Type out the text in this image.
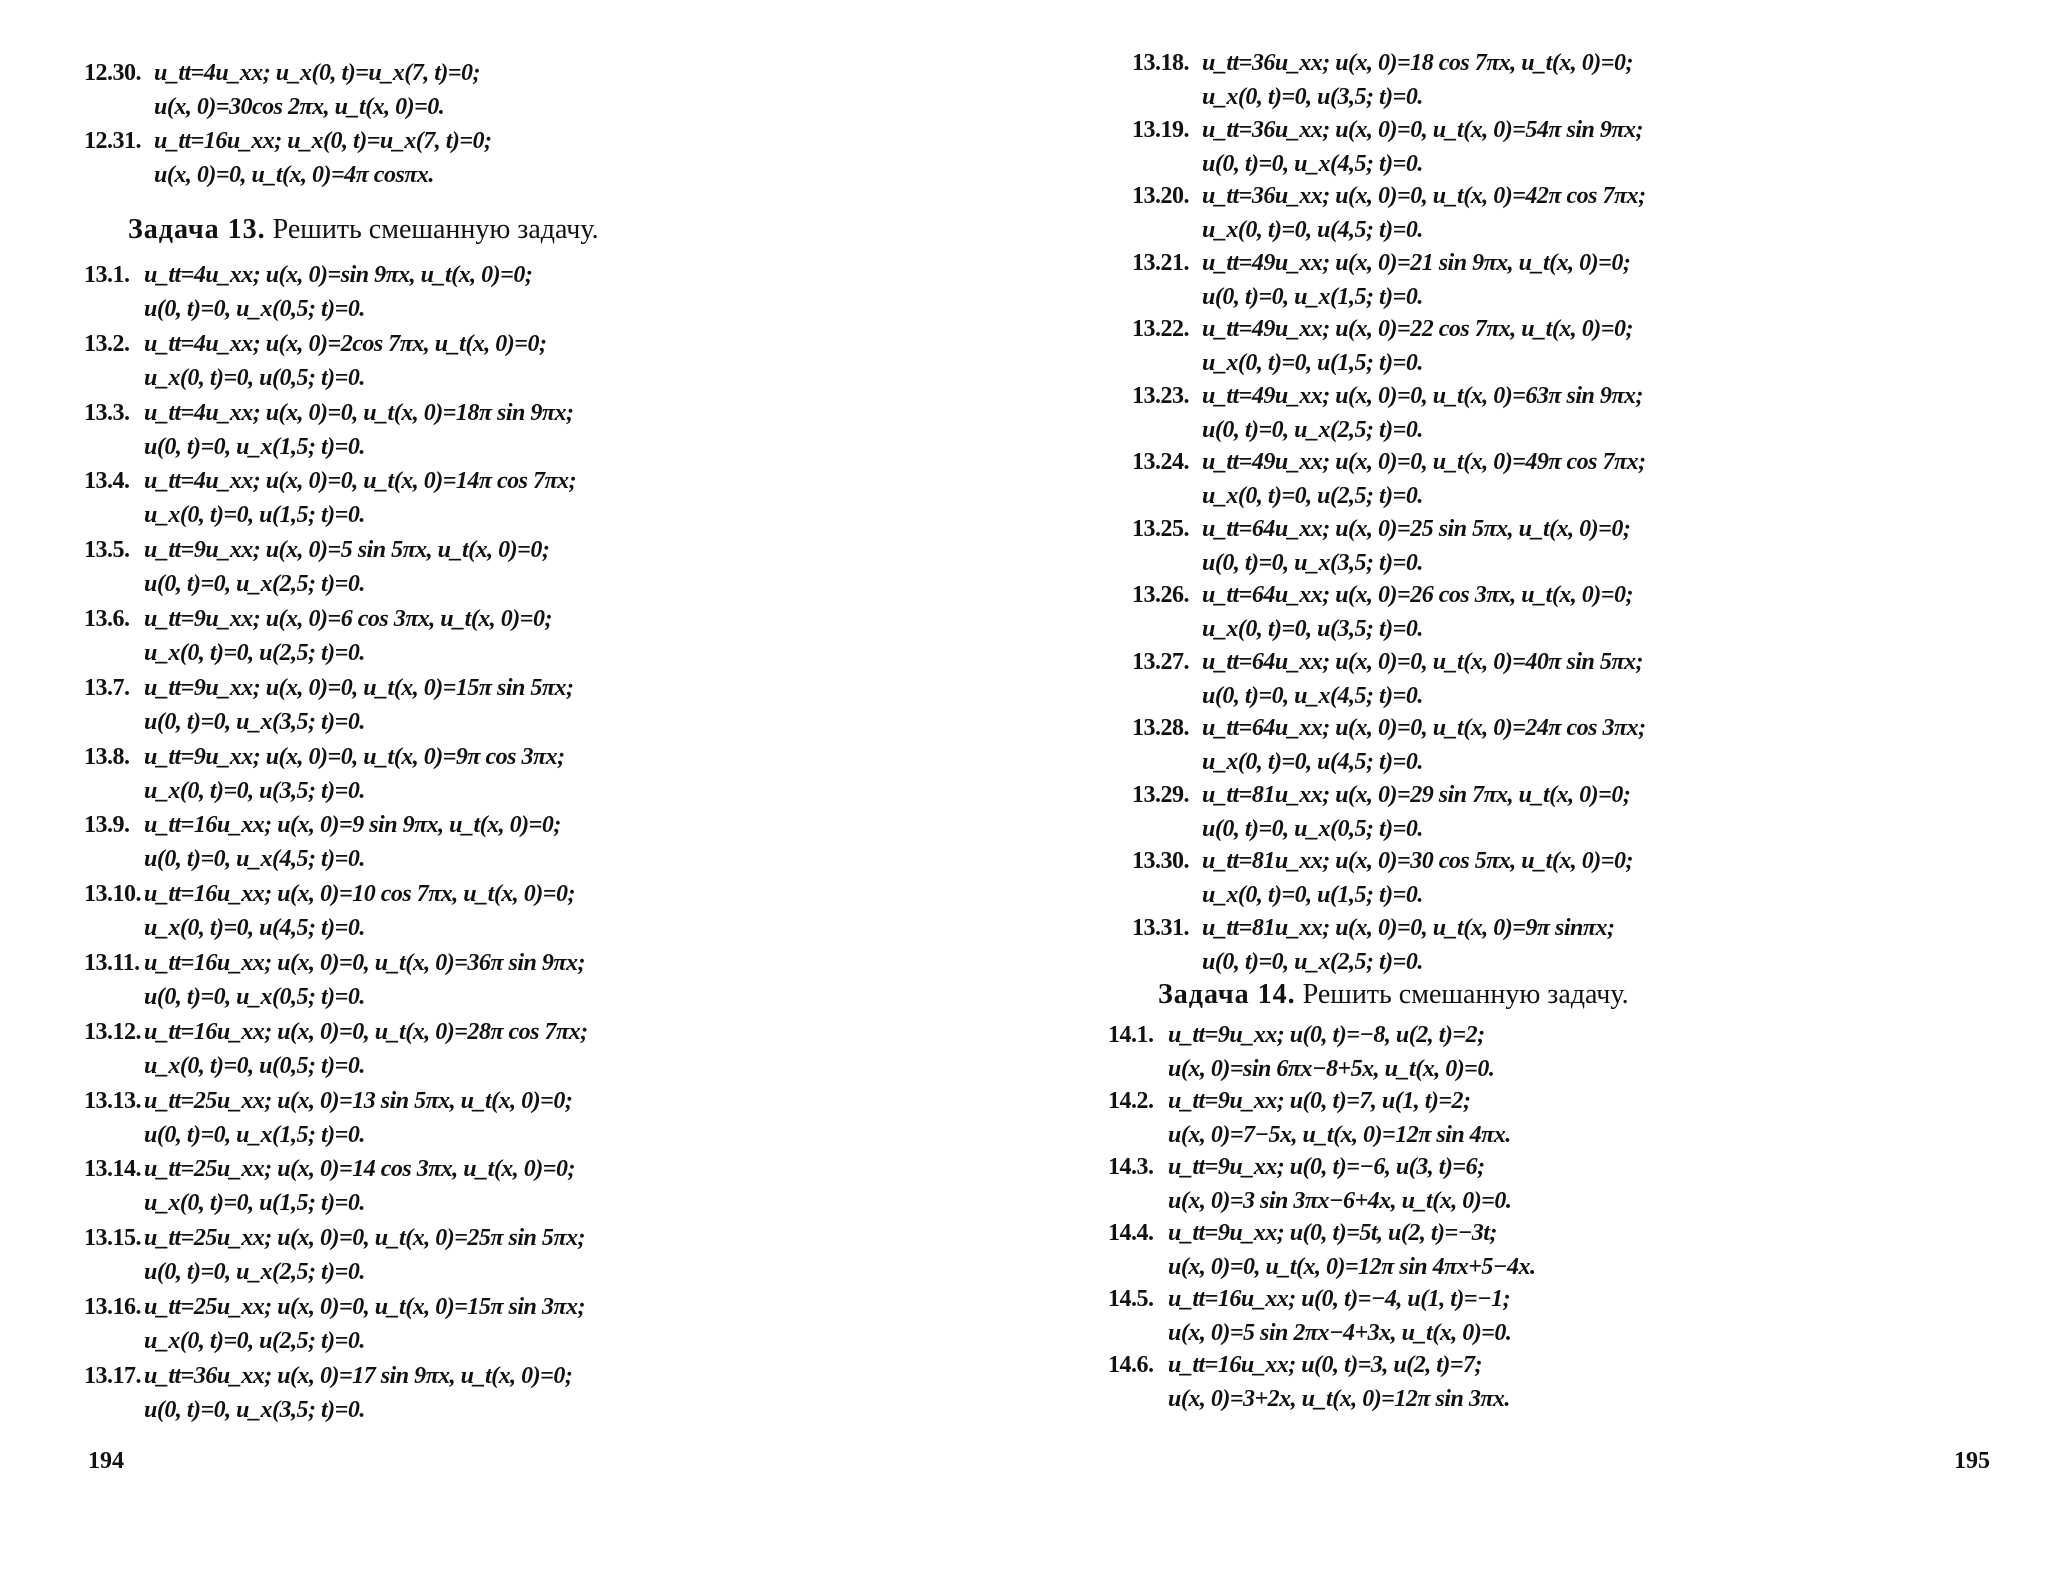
12.30. u_tt=4u_xx; u_x(0, t)=u_x(7, t)=0;
u(x, 0)=30cos 2πx, u_t(x, 0)=0.
12.31. u_tt=16u_xx; u_x(0, t)=u_x(7, t)=0;
u(x, 0)=0, u_t(x, 0)=4π cosπx.
Задача 13. Решить смешанную задачу.
13.1. u_tt=4u_xx; u(x, 0)=sin 9πx, u_t(x, 0)=0;
u(0, t)=0, u_x(0,5; t)=0.
13.2. u_tt=4u_xx; u(x, 0)=2cos 7πx, u_t(x, 0)=0;
u_x(0, t)=0, u(0,5; t)=0.
13.3. u_tt=4u_xx; u(x, 0)=0, u_t(x, 0)=18π sin 9πx;
u(0, t)=0, u_x(1,5; t)=0.
13.4. u_tt=4u_xx; u(x, 0)=0, u_t(x, 0)=14π cos 7πx;
u_x(0, t)=0, u(1,5; t)=0.
13.5. u_tt=9u_xx; u(x, 0)=5 sin 5πx, u_t(x, 0)=0;
u(0, t)=0, u_x(2,5; t)=0.
13.6. u_tt=9u_xx; u(x, 0)=6 cos 3πx, u_t(x, 0)=0;
u_x(0, t)=0, u(2,5; t)=0.
13.7. u_tt=9u_xx; u(x, 0)=0, u_t(x, 0)=15π sin 5πx;
u(0, t)=0, u_x(3,5; t)=0.
13.8. u_tt=9u_xx; u(x, 0)=0, u_t(x, 0)=9π cos 3πx;
u_x(0, t)=0, u(3,5; t)=0.
13.9. u_tt=16u_xx; u(x, 0)=9 sin 9πx, u_t(x, 0)=0;
u(0, t)=0, u_x(4,5; t)=0.
13.10. u_tt=16u_xx; u(x, 0)=10 cos 7πx, u_t(x, 0)=0;
u_x(0, t)=0, u(4,5; t)=0.
13.11. u_tt=16u_xx; u(x, 0)=0, u_t(x, 0)=36π sin 9πx;
u(0, t)=0, u_x(0,5; t)=0.
13.12. u_tt=16u_xx; u(x, 0)=0, u_t(x, 0)=28π cos 7πx;
u_x(0, t)=0, u(0,5; t)=0.
13.13. u_tt=25u_xx; u(x, 0)=13 sin 5πx, u_t(x, 0)=0;
u(0, t)=0, u_x(1,5; t)=0.
13.14. u_tt=25u_xx; u(x, 0)=14 cos 3πx, u_t(x, 0)=0;
u_x(0, t)=0, u(1,5; t)=0.
13.15. u_tt=25u_xx; u(x, 0)=0, u_t(x, 0)=25π sin 5πx;
u(0, t)=0, u_x(2,5; t)=0.
13.16. u_tt=25u_xx; u(x, 0)=0, u_t(x, 0)=15π sin 3πx;
u_x(0, t)=0, u(2,5; t)=0.
13.17. u_tt=36u_xx; u(x, 0)=17 sin 9πx, u_t(x, 0)=0;
u(0, t)=0, u_x(3,5; t)=0.
194
13.18. u_tt=36u_xx; u(x, 0)=18 cos 7πx, u_t(x, 0)=0;
u_x(0, t)=0, u(3,5; t)=0.
13.19. u_tt=36u_xx; u(x, 0)=0, u_t(x, 0)=54π sin 9πx;
u(0, t)=0, u_x(4,5; t)=0.
13.20. u_tt=36u_xx; u(x, 0)=0, u_t(x, 0)=42π cos 7πx;
u_x(0, t)=0, u(4,5; t)=0.
13.21. u_tt=49u_xx; u(x, 0)=21 sin 9πx, u_t(x, 0)=0;
u(0, t)=0, u_x(1,5; t)=0.
13.22. u_tt=49u_xx; u(x, 0)=22 cos 7πx, u_t(x, 0)=0;
u_x(0, t)=0, u(1,5; t)=0.
13.23. u_tt=49u_xx; u(x, 0)=0, u_t(x, 0)=63π sin 9πx;
u(0, t)=0, u_x(2,5; t)=0.
13.24. u_tt=49u_xx; u(x, 0)=0, u_t(x, 0)=49π cos 7πx;
u_x(0, t)=0, u(2,5; t)=0.
13.25. u_tt=64u_xx; u(x, 0)=25 sin 5πx, u_t(x, 0)=0;
u(0, t)=0, u_x(3,5; t)=0.
13.26. u_tt=64u_xx; u(x, 0)=26 cos 3πx, u_t(x, 0)=0;
u_x(0, t)=0, u(3,5; t)=0.
13.27. u_tt=64u_xx; u(x, 0)=0, u_t(x, 0)=40π sin 5πx;
u(0, t)=0, u_x(4,5; t)=0.
13.28. u_tt=64u_xx; u(x, 0)=0, u_t(x, 0)=24π cos 3πx;
u_x(0, t)=0, u(4,5; t)=0.
13.29. u_tt=81u_xx; u(x, 0)=29 sin 7πx, u_t(x, 0)=0;
u(0, t)=0, u_x(0,5; t)=0.
13.30. u_tt=81u_xx; u(x, 0)=30 cos 5πx, u_t(x, 0)=0;
u_x(0, t)=0, u(1,5; t)=0.
13.31. u_tt=81u_xx; u(x, 0)=0, u_t(x, 0)=9π sinπx;
u(0, t)=0, u_x(2,5; t)=0.
Задача 14. Решить смешанную задачу.
14.1. u_tt=9u_xx; u(0, t)=−8, u(2, t)=2;
u(x, 0)=sin 6πx−8+5x, u_t(x, 0)=0.
14.2. u_tt=9u_xx; u(0, t)=7, u(1, t)=2;
u(x, 0)=7−5x, u_t(x, 0)=12π sin 4πx.
14.3. u_tt=9u_xx; u(0, t)=−6, u(3, t)=6;
u(x, 0)=3 sin 3πx−6+4x, u_t(x, 0)=0.
14.4. u_tt=9u_xx; u(0, t)=5t, u(2, t)=−3t;
u(x, 0)=0, u_t(x, 0)=12π sin 4πx+5−4x.
14.5. u_tt=16u_xx; u(0, t)=−4, u(1, t)=−1;
u(x, 0)=5 sin 2πx−4+3x, u_t(x, 0)=0.
14.6. u_tt=16u_xx; u(0, t)=3, u(2, t)=7;
u(x, 0)=3+2x, u_t(x, 0)=12π sin 3πx.
195
